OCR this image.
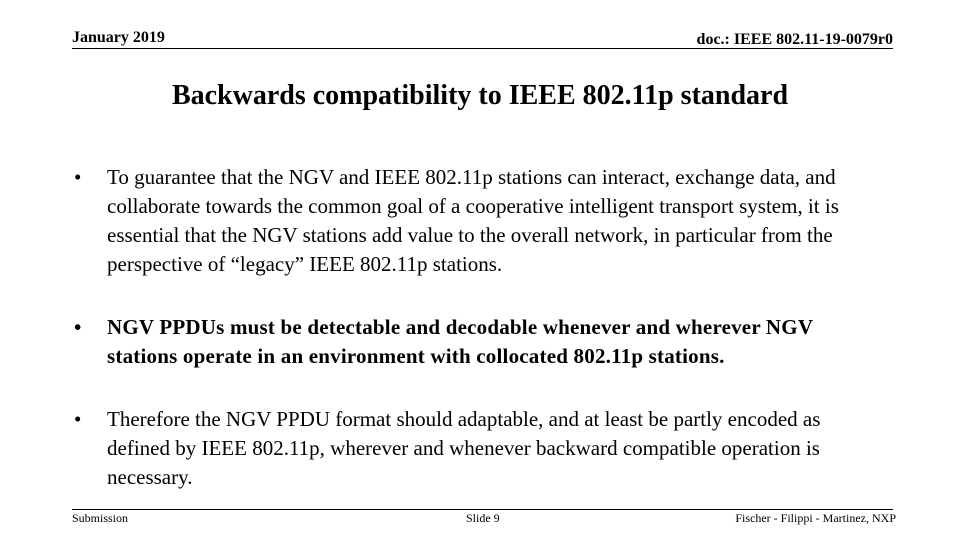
January 2019	doc.: IEEE 802.11-19-0079r0
Backwards compatibility to IEEE 802.11p standard
• To guarantee that the NGV and IEEE 802.11p stations can interact, exchange data, and collaborate towards the common goal of a cooperative intelligent transport system, it is essential that the NGV stations add value to the overall network, in particular from the perspective of “legacy” IEEE 802.11p stations.
• NGV PPDUs must be detectable and decodable whenever and wherever NGV stations operate in an environment with collocated 802.11p stations.
• Therefore the NGV PPDU format should adaptable, and at least be partly encoded as defined by IEEE 802.11p, wherever and whenever backward compatible operation is necessary.
Submission	Slide 9	Fischer - Filippi - Martinez, NXP
